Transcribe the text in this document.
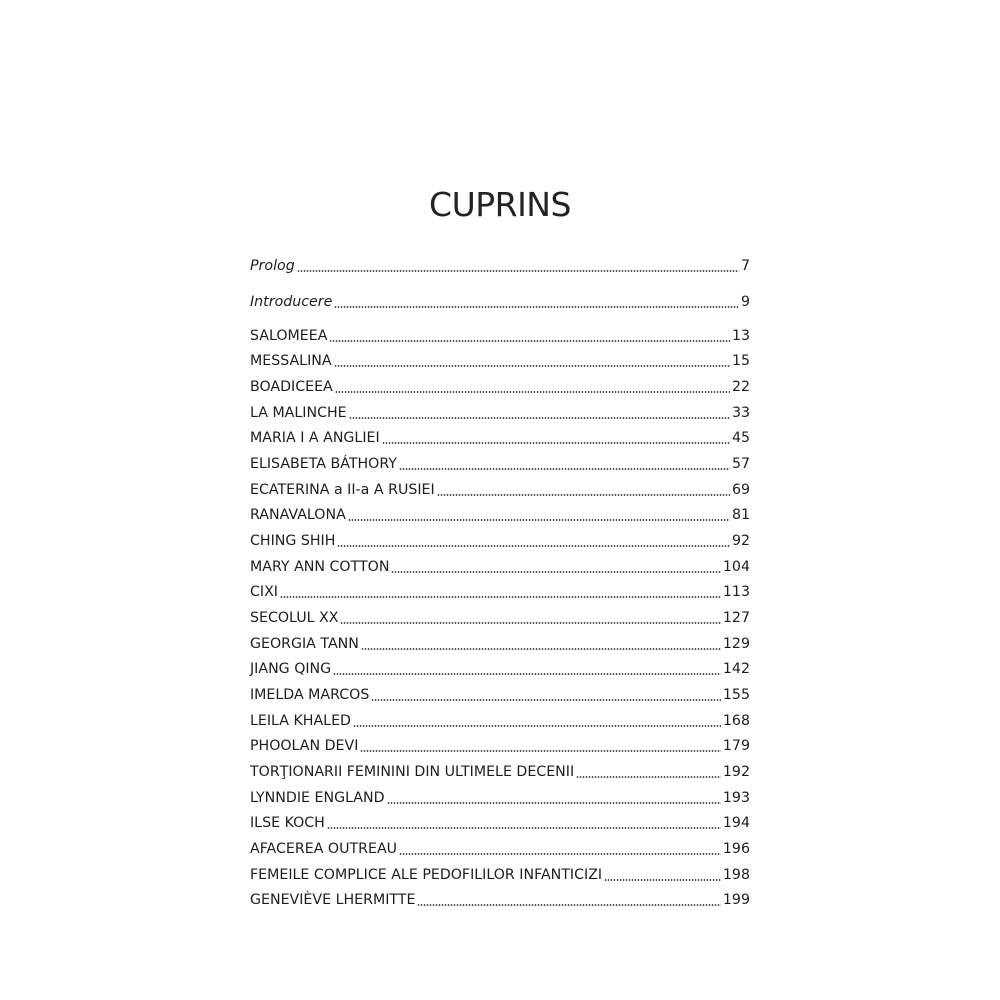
CUPRINS
Prolog	7
Introducere	9
SALOMEEA	13
MESSALINA	15
BOADICEEA	22
LA MALINCHE	33
MARIA I A ANGLIEI	45
ELISABETA BÁTHORY	57
ECATERINA a II-a A RUSIEI	69
RANAVALONA	81
CHING SHIH	92
MARY ANN COTTON	104
CIXI	113
SECOLUL XX	127
GEORGIA TANN	129
JIANG QING	142
IMELDA MARCOS	155
LEILA KHALED	168
PHOOLAN DEVI	179
TORŢIONARII FEMININI DIN ULTIMELE DECENII	192
LYNNDIE ENGLAND	193
ILSE KOCH	194
AFACEREA OUTREAU	196
FEMEILE COMPLICE ALE PEDOFILILOR INFANTICIZI	198
GENEVIÈVE LHERMITTE	199
